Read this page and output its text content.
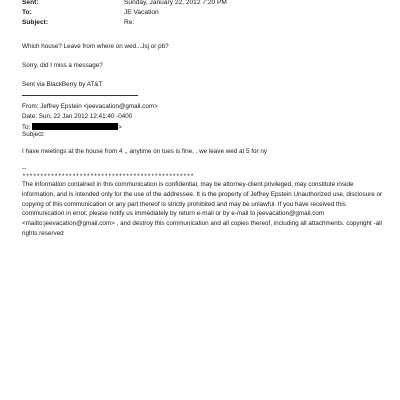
Sent:	Sunday, January 22, 2012 7:20 PM
To:	JE Vacation
Subject:	Re:
Which house? Leave from where on wed...Jsj or pb?
Sorry, did I miss a message?
Sent via BlackBerry by AT&T
From: Jeffrey Epstein <jeevacation@gmail.com>
Date: Sun, 22 Jan 2012 12:41:40 -0400
To:	>
Subject:
I have meetings at the house from 4 ,, anytime on tues is fine, . we leave wed at 5 for ny
--
************************************************
The information contained in this communication is confidential, may be attorney-client privileged, may constitute inside information, and is intended only for the use of the addressee. It is the property of Jeffrey Epstein Unauthorized use, disclosure or copying of this communication or any part thereof is strictly prohibited and may be unlawful. If you have received this communication in error, please notify us immediately by return e-mail or by e-mail to jeevacation@gmail.com <mailto:jeevacation@gmail.com> , and destroy this communication and all copies thereof, including all attachments. copyright -all rights reserved
